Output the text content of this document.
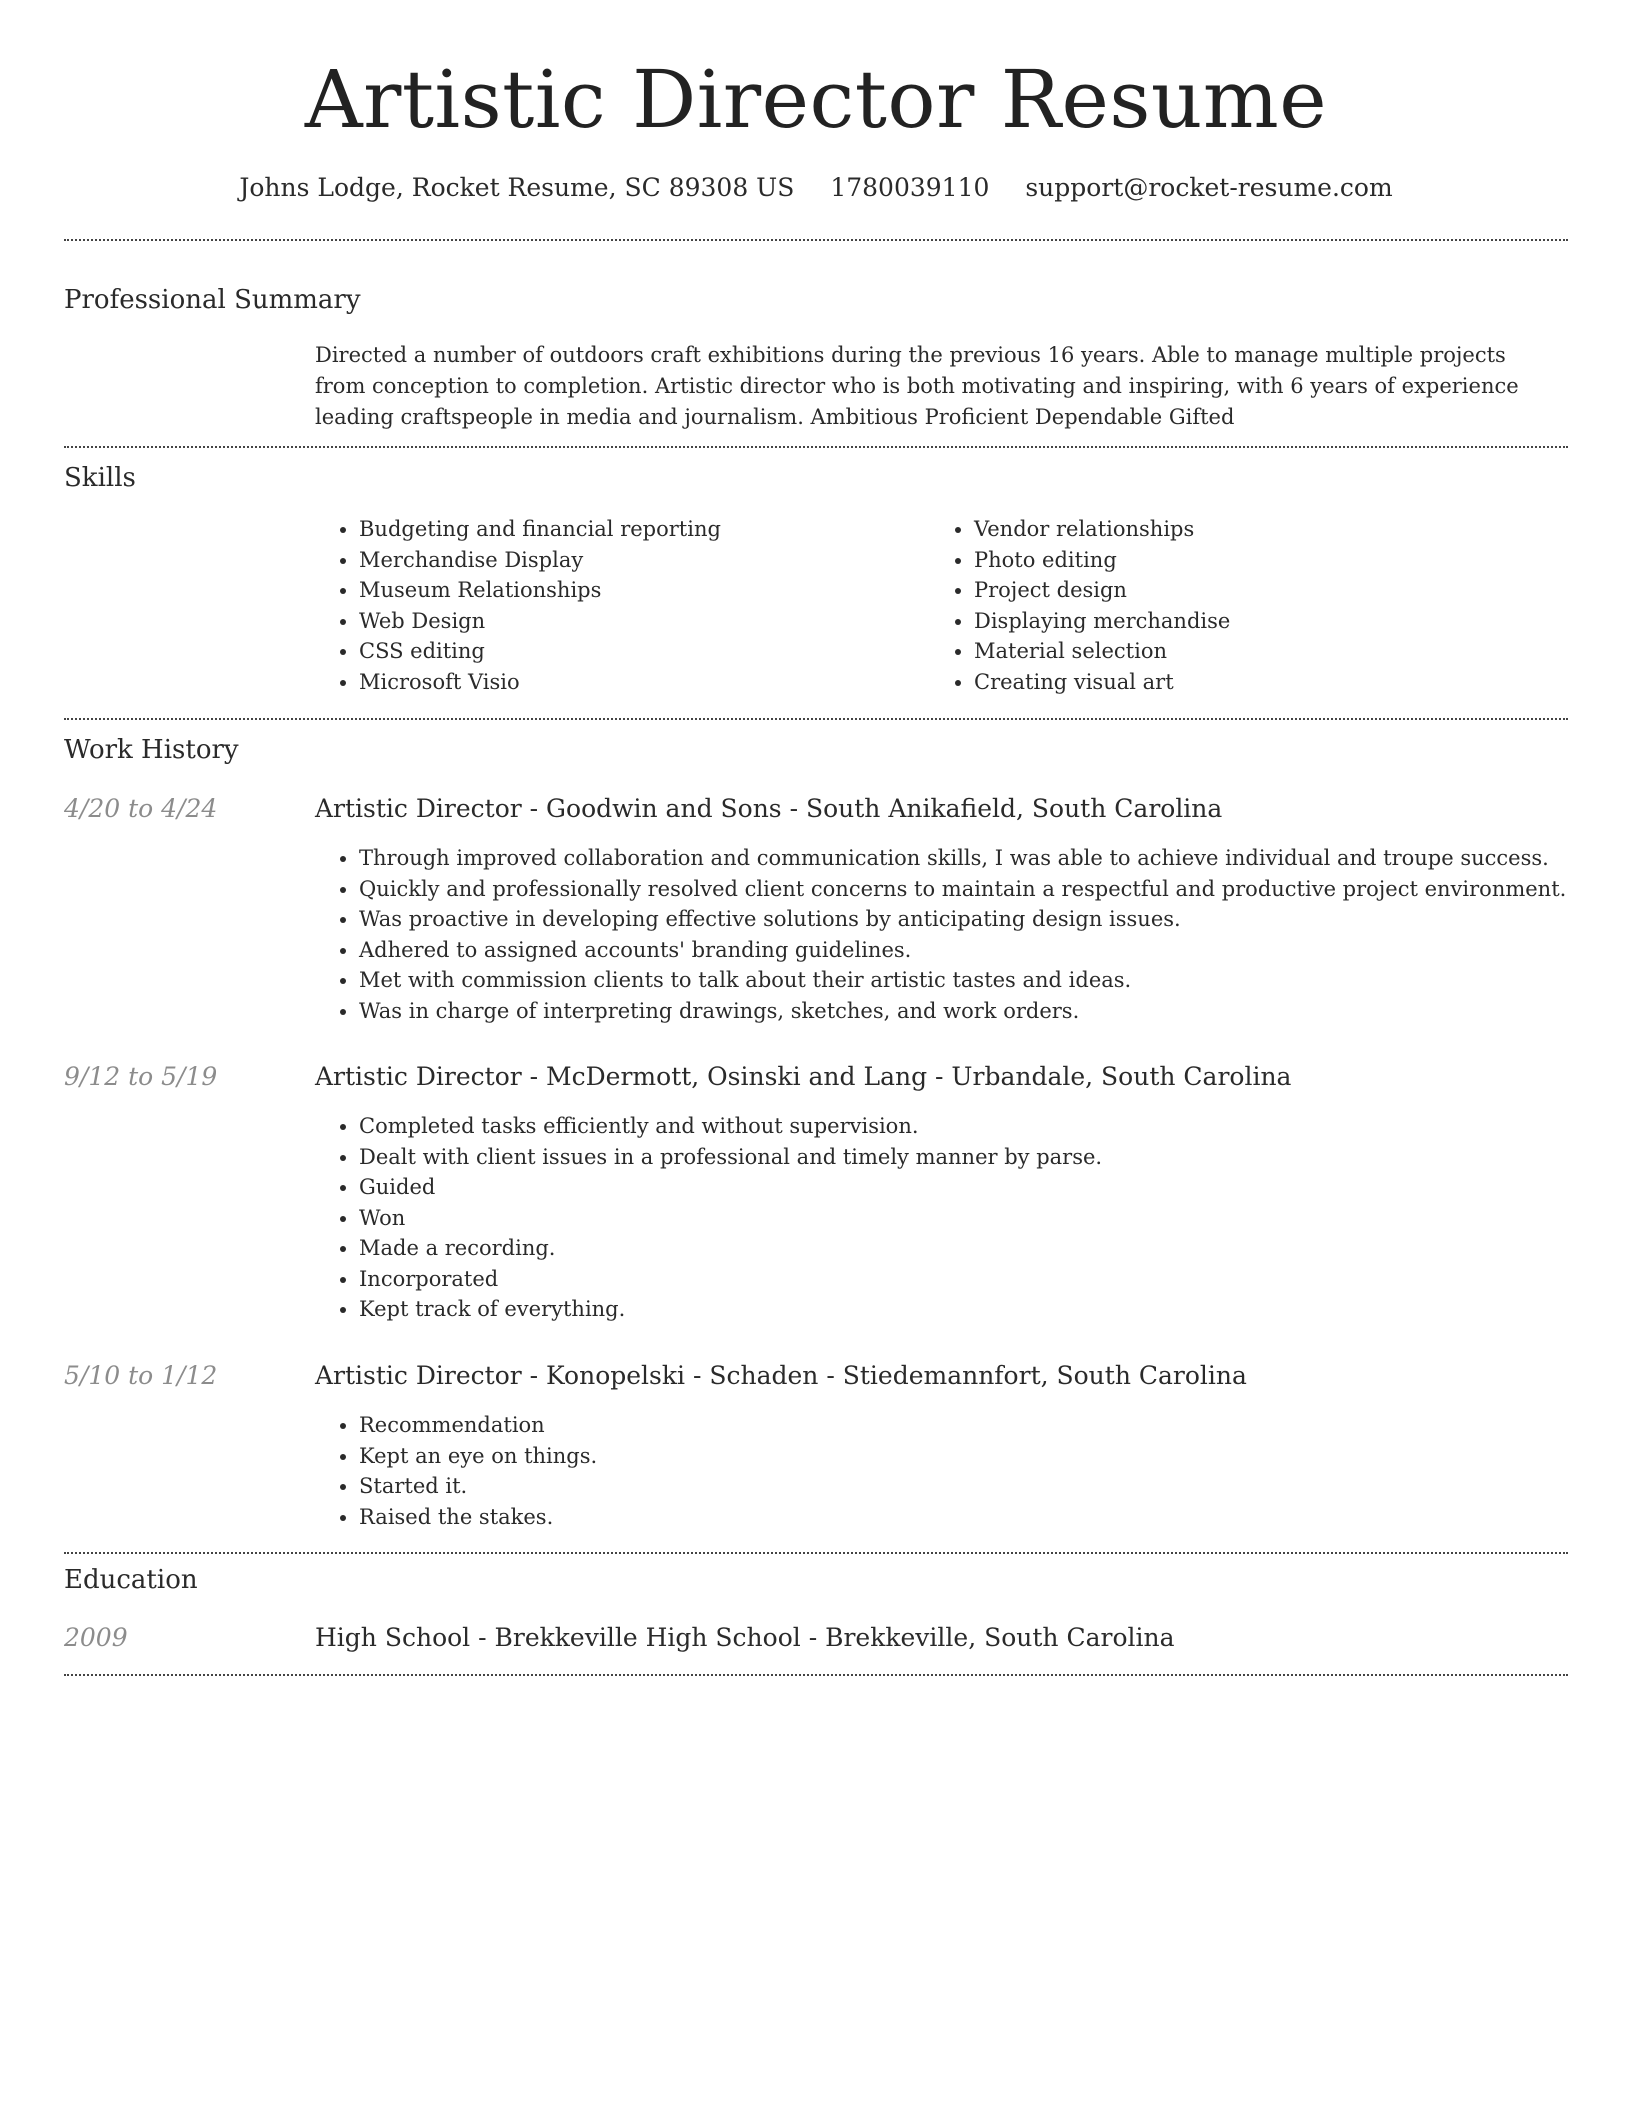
Artistic Director Resume
Johns Lodge, Rocket Resume, SC 89308 US 1780039110 support@rocket-resume.com
Professional Summary

Directed a number of outdoors craft exhibitions during the previous 16 years. Able to manage multiple projects from conception to completion. Artistic director who is both motivating and inspiring, with 6 years of experience leading craftspeople in media and journalism. Ambitious Proficient Dependable Gifted

Skills
• Budgeting and financial reporting
• Merchandise Display
• Museum Relationships
• Web Design
• CSS editing
• Microsoft Visio
• Vendor relationships
• Photo editing
• Project design
• Displaying merchandise
• Material selection
• Creating visual art
Work History
4/20 to 4/24	Artistic Director - Goodwin and Sons - South Anikafield, South Carolina
• Through improved collaboration and communication skills, I was able to achieve individual and troupe success.
• Quickly and professionally resolved client concerns to maintain a respectful and productive project environment.
• Was proactive in developing effective solutions by anticipating design issues.
• Adhered to assigned accounts' branding guidelines.
• Met with commission clients to talk about their artistic tastes and ideas.
• Was in charge of interpreting drawings, sketches, and work orders.
9/12 to 5/19	Artistic Director - McDermott, Osinski and Lang - Urbandale, South Carolina
• Completed tasks efficiently and without supervision.
• Dealt with client issues in a professional and timely manner by parse.
• Guided
• Won
• Made a recording.
• Incorporated
• Kept track of everything.
5/10 to 1/12	Artistic Director - Konopelski - Schaden - Stiedemannfort, South Carolina
• Recommendation
• Kept an eye on things.
• Started it.
• Raised the stakes.
Education
2009	High School - Brekkeville High School - Brekkeville, South Carolina
